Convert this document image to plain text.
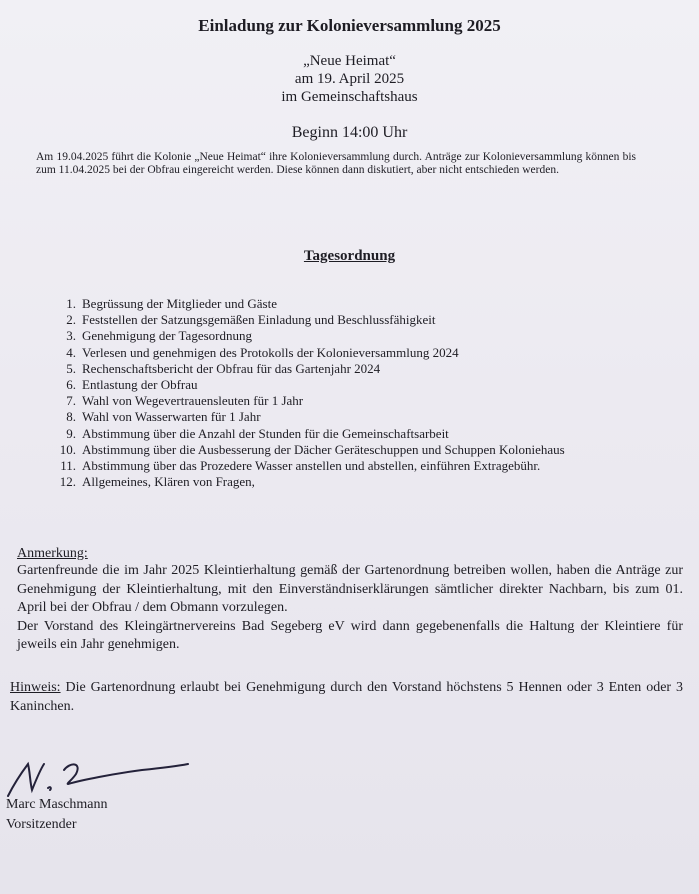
Einladung zur Kolonieversammlung 2025
„Neue Heimat“
am 19. April 2025
im Gemeinschaftshaus
Beginn 14:00 Uhr
Am 19.04.2025 führt die Kolonie „Neue Heimat“ ihre Kolonieversammlung durch. Anträge zur Kolonieversammlung können bis zum 11.04.2025 bei der Obfrau eingereicht werden. Diese können dann diskutiert, aber nicht entschieden werden.
Tagesordnung
1. Begrüssung der Mitglieder und Gäste
2. Feststellen der Satzungsgemäßen Einladung und Beschlussfähigkeit
3. Genehmigung der Tagesordnung
4. Verlesen und genehmigen des Protokolls der Kolonieversammlung 2024
5. Rechenschaftsbericht der Obfrau für das Gartenjahr 2024
6. Entlastung der Obfrau
7. Wahl von Wegevertrauensleuten für 1 Jahr
8. Wahl von Wasserwarten für 1 Jahr
9. Abstimmung über die Anzahl der Stunden für die Gemeinschaftsarbeit
10. Abstimmung über die Ausbesserung der Dächer Geräteschuppen und Schuppen Koloniehaus
11. Abstimmung über das Prozedere Wasser anstellen und abstellen, einführen Extragebühr.
12. Allgemeines, Klären von Fragen,
Anmerkung:
Gartenfreunde die im Jahr 2025 Kleintierhaltung gemäß der Gartenordnung betreiben wollen, haben die Anträge zur Genehmigung der Kleintierhaltung, mit den Einverständniserklärungen sämtlicher direkter Nachbarn, bis zum 01. April bei der Obfrau / dem Obmann vorzulegen.
Der Vorstand des Kleingärtnervereins Bad Segeberg eV wird dann gegebenenfalls die Haltung der Kleintiere für jeweils ein Jahr genehmigen.
Hinweis: Die Gartenordnung erlaubt bei Genehmigung durch den Vorstand höchstens 5 Hennen oder 3 Enten oder 3 Kaninchen.
Marc Maschmann
Vorsitzender
